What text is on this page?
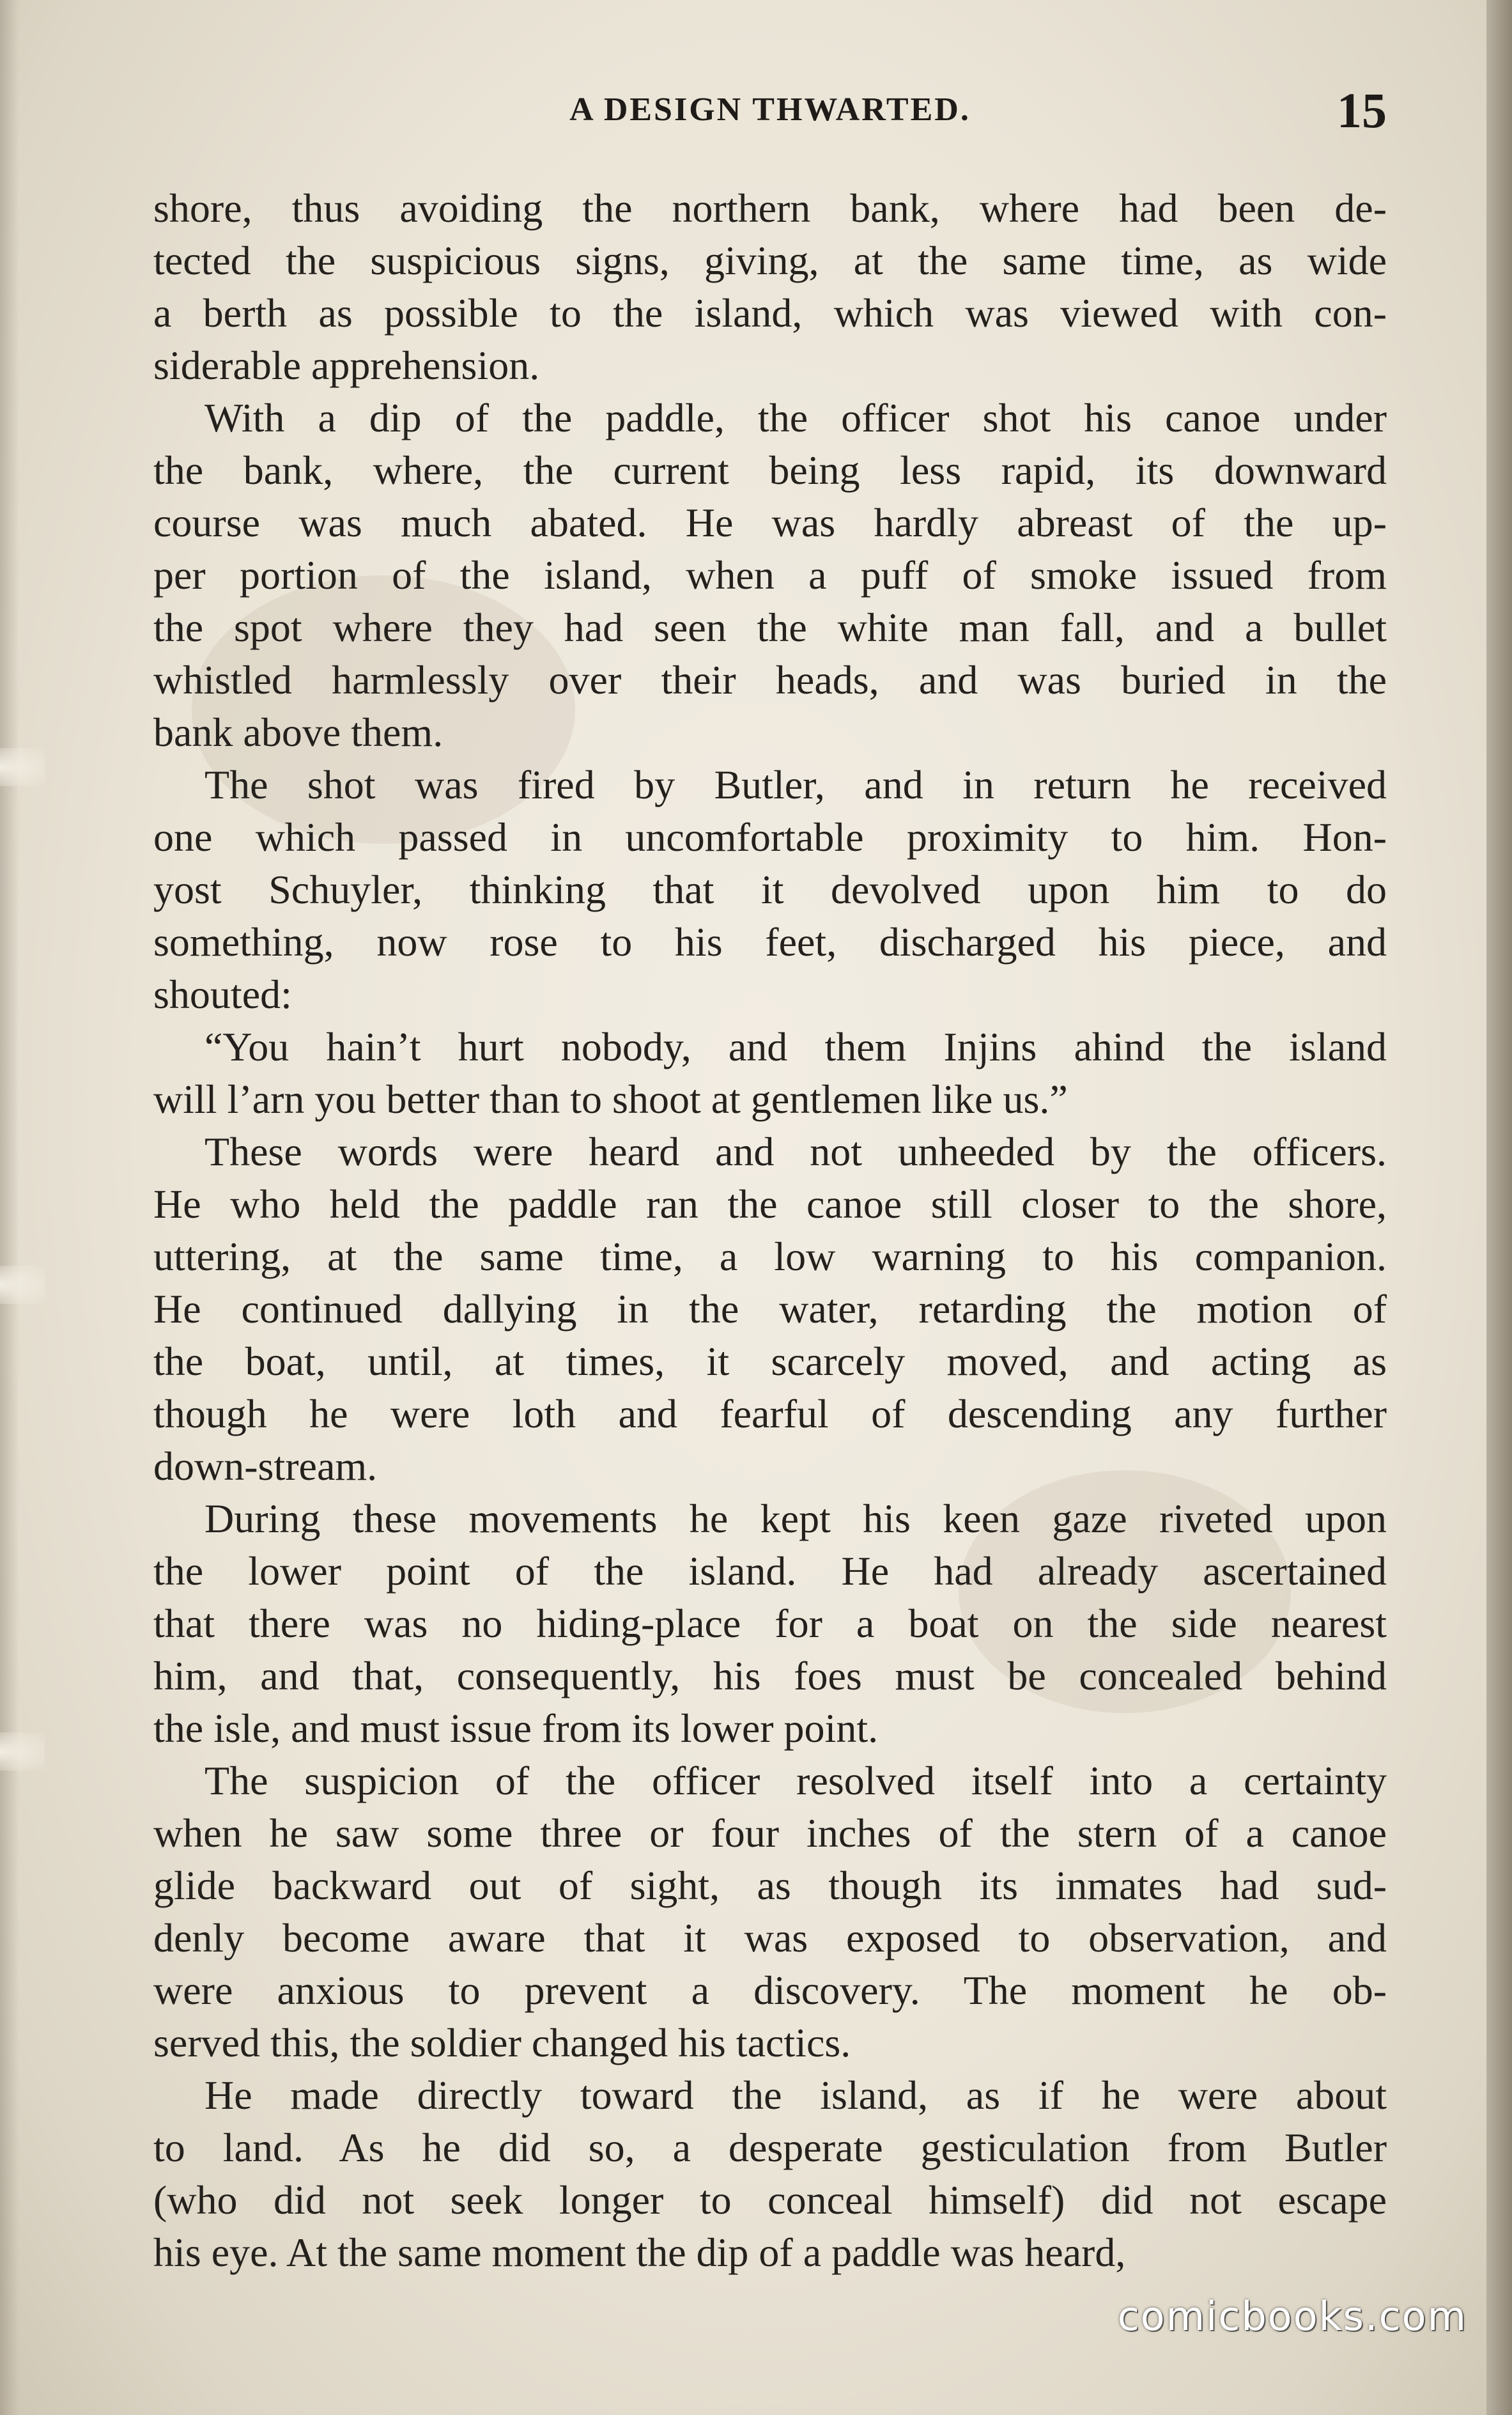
A DESIGN THWARTED.	15
shore, thus avoiding the northern bank, where had been de-
tected the suspicious signs, giving, at the same time, as wide
a berth as possible to the island, which was viewed with con-
siderable apprehension.
With a dip of the paddle, the officer shot his canoe under
the bank, where, the current being less rapid, its downward
course was much abated. He was hardly abreast of the up-
per portion of the island, when a puff of smoke issued from
the spot where they had seen the white man fall, and a bullet
whistled harmlessly over their heads, and was buried in the
bank above them.
The shot was fired by Butler, and in return he received
one which passed in uncomfortable proximity to him. Hon-
yost Schuyler, thinking that it devolved upon him to do
something, now rose to his feet, discharged his piece, and
shouted:
“You hain’t hurt nobody, and them Injins ahind the island
will l’arn you better than to shoot at gentlemen like us.”
These words were heard and not unheeded by the officers.
He who held the paddle ran the canoe still closer to the shore,
uttering, at the same time, a low warning to his companion.
He continued dallying in the water, retarding the motion of
the boat, until, at times, it scarcely moved, and acting as
though he were loth and fearful of descending any further
down-stream.
During these movements he kept his keen gaze riveted upon
the lower point of the island. He had already ascertained
that there was no hiding-place for a boat on the side nearest
him, and that, consequently, his foes must be concealed behind
the isle, and must issue from its lower point.
The suspicion of the officer resolved itself into a certainty
when he saw some three or four inches of the stern of a canoe
glide backward out of sight, as though its inmates had sud-
denly become aware that it was exposed to observation, and
were anxious to prevent a discovery. The moment he ob-
served this, the soldier changed his tactics.
He made directly toward the island, as if he were about
to land. As he did so, a desperate gesticulation from Butler
(who did not seek longer to conceal himself) did not escape
his eye. At the same moment the dip of a paddle was heard,
comicbooks.com
